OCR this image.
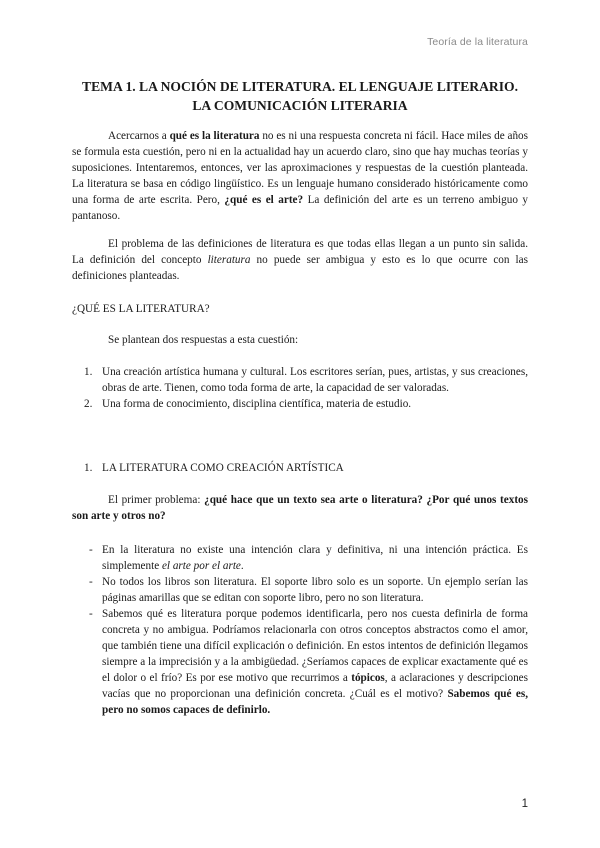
Teoría de la literatura
TEMA 1. LA NOCIÓN DE LITERATURA. EL LENGUAJE LITERARIO.
LA COMUNICACIÓN LITERARIA

Acercarnos a qué es la literatura no es ni una respuesta concreta ni fácil. Hace miles de años se formula esta cuestión, pero ni en la actualidad hay un acuerdo claro, sino que hay muchas teorías y suposiciones. Intentaremos, entonces, ver las aproximaciones y respuestas de la cuestión planteada. La literatura se basa en código lingüístico. Es un lenguaje humano considerado históricamente como una forma de arte escrita. Pero, ¿qué es el arte? La definición del arte es un terreno ambiguo y pantanoso.

El problema de las definiciones de literatura es que todas ellas llegan a un punto sin salida. La definición del concepto literatura no puede ser ambigua y esto es lo que ocurre con las definiciones planteadas.

¿QUÉ ES LA LITERATURA?

Se plantean dos respuestas a esta cuestión:

1. Una creación artística humana y cultural. Los escritores serían, pues, artistas, y sus creaciones, obras de arte. Tienen, como toda forma de arte, la capacidad de ser valoradas.
2. Una forma de conocimiento, disciplina científica, materia de estudio.
1. LA LITERATURA COMO CREACIÓN ARTÍSTICA

El primer problema: ¿qué hace que un texto sea arte o literatura? ¿Por qué unos textos son arte y otros no?

- En la literatura no existe una intención clara y definitiva, ni una intención práctica. Es simplemente el arte por el arte.
- No todos los libros son literatura. El soporte libro solo es un soporte. Un ejemplo serían las páginas amarillas que se editan con soporte libro, pero no son literatura.
- Sabemos qué es literatura porque podemos identificarla, pero nos cuesta definirla de forma concreta y no ambigua. Podríamos relacionarla con otros conceptos abstractos como el amor, que también tiene una difícil explicación o definición. En estos intentos de definición llegamos siempre a la imprecisión y a la ambigüedad. ¿Seríamos capaces de explicar exactamente qué es el dolor o el frío? Es por ese motivo que recurrimos a tópicos, a aclaraciones y descripciones vacías que no proporcionan una definición concreta. ¿Cuál es el motivo? Sabemos qué es, pero no somos capaces de definirlo.
1
